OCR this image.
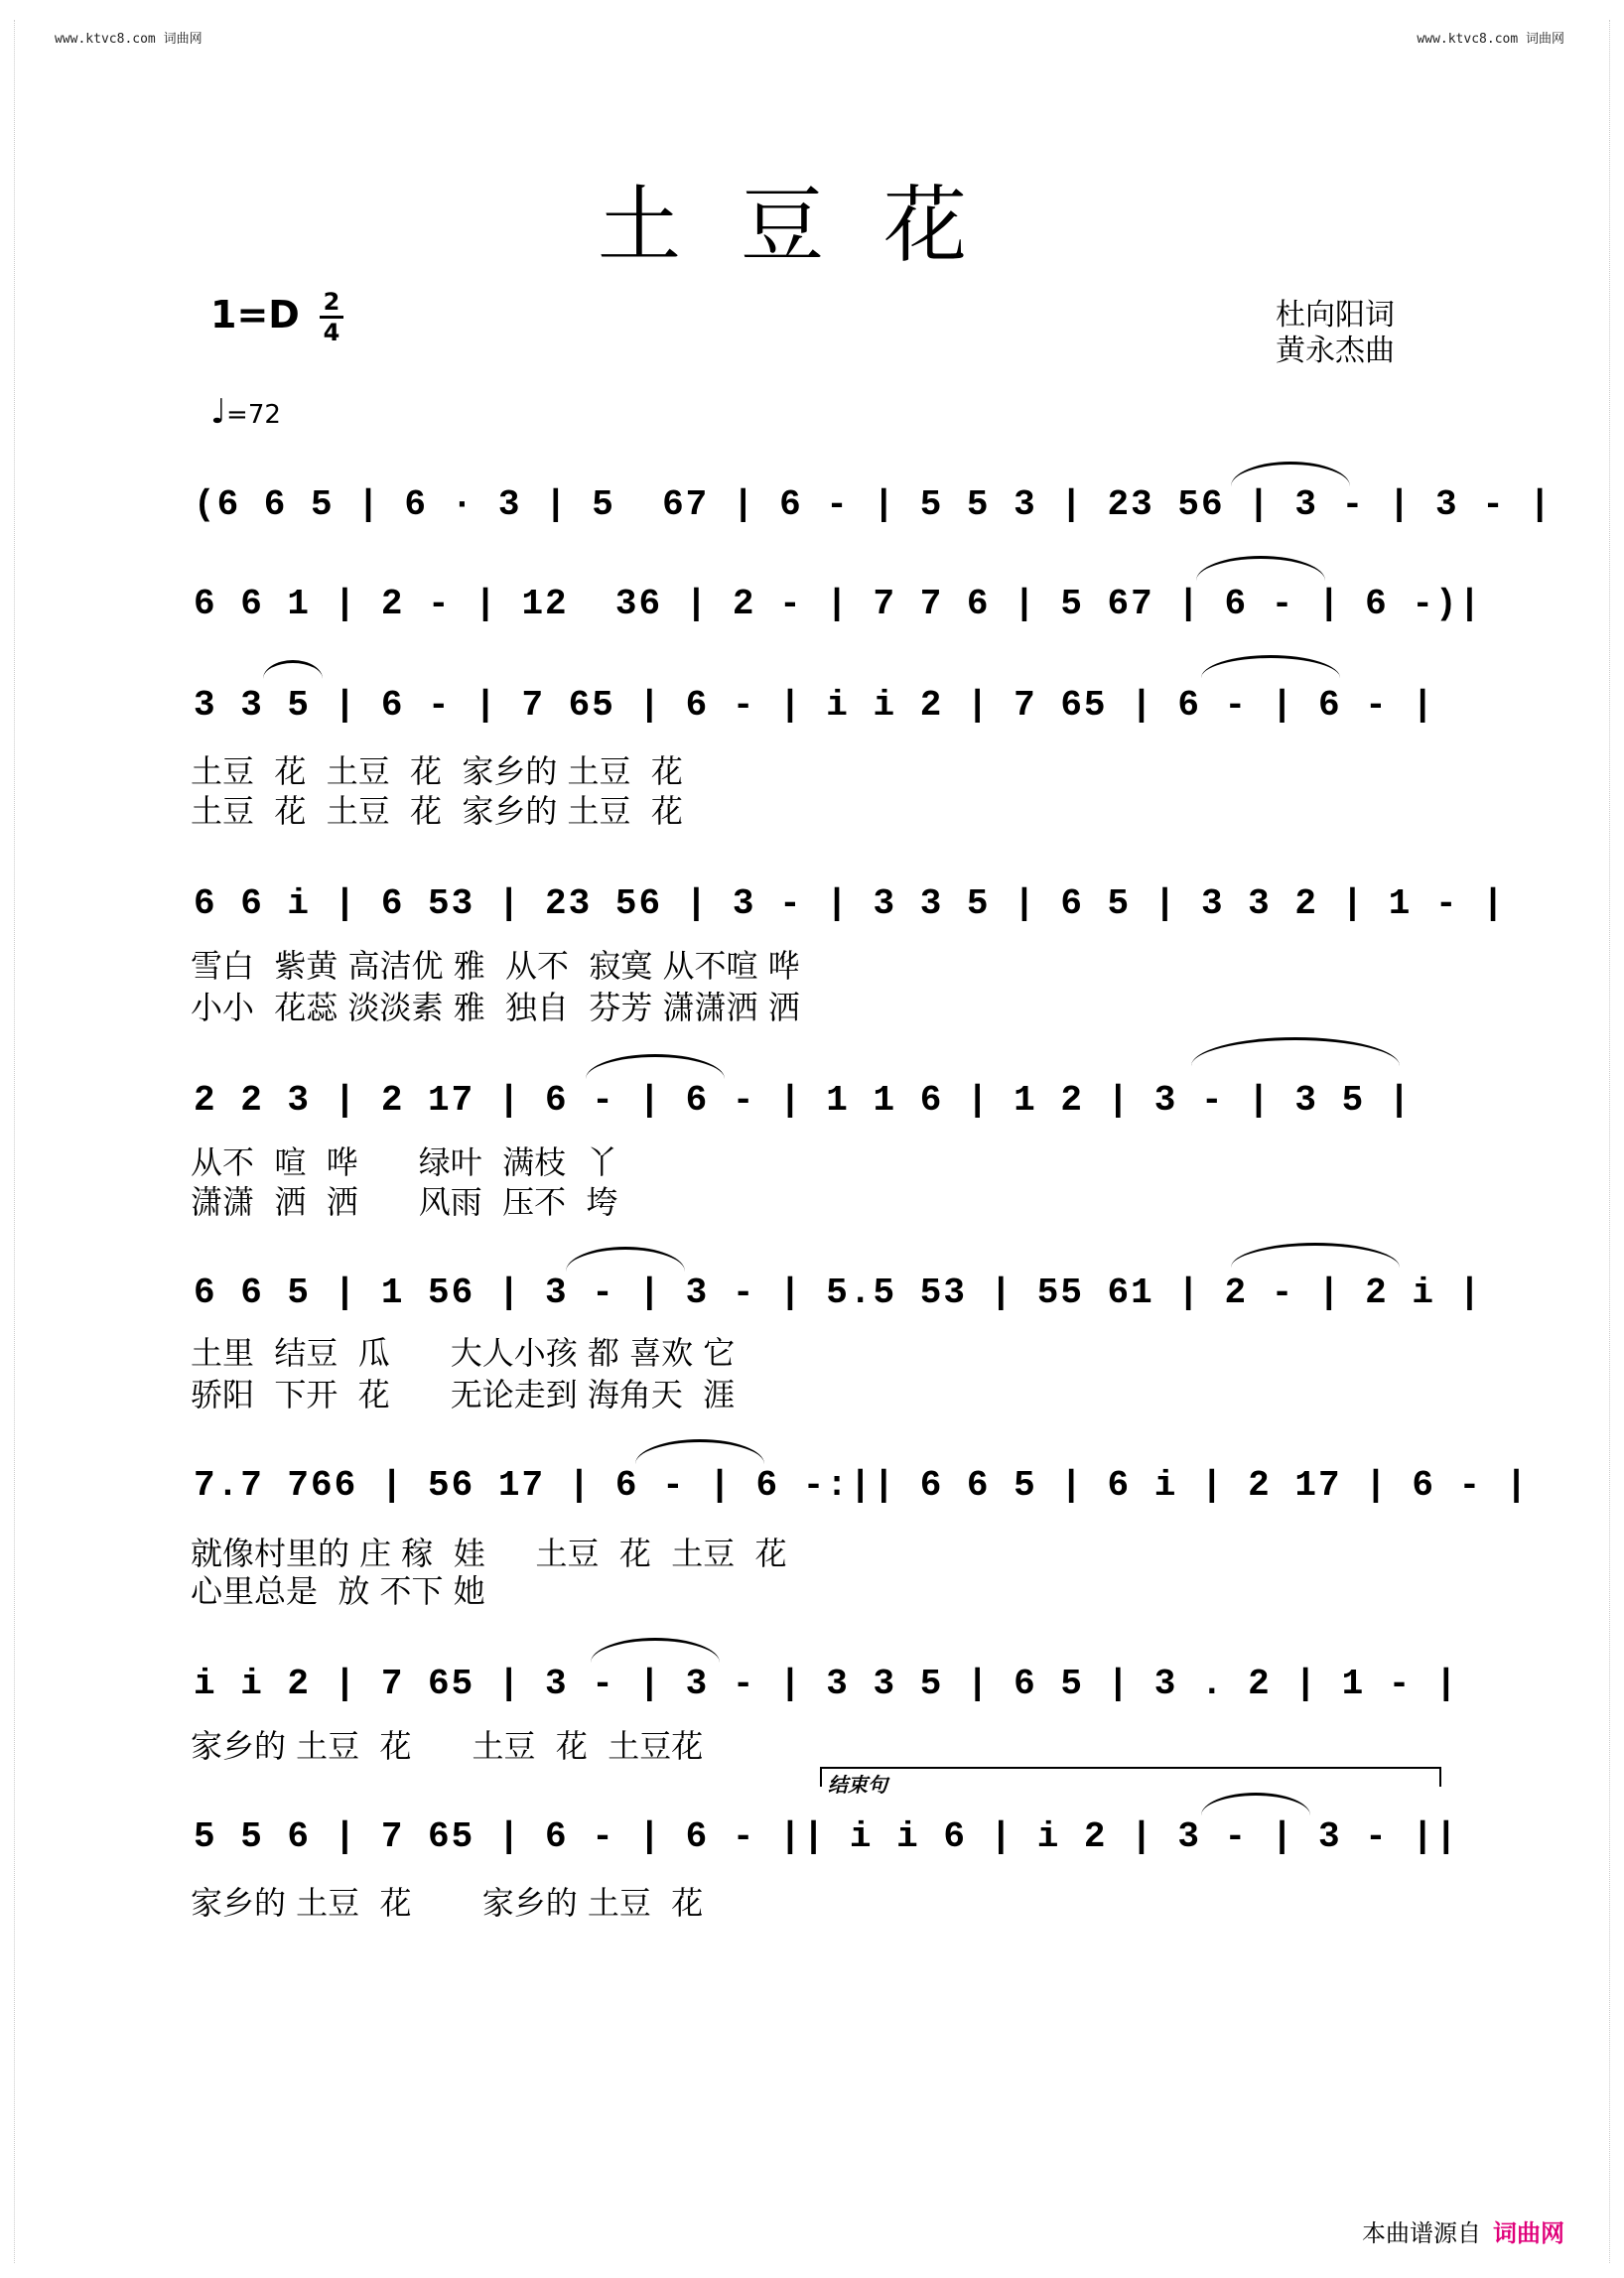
www.ktvc8.com 词曲网	www.ktvc8.com 词曲网
土豆花
1=D 2
4	杜向阳词
黄永杰曲
♩=72
(6 6 5 | 6 · 3 | 5  67 | 6 - | 5 5 3 | 23 56 | 3 - | 3 - |
6 6 1 | 2 - | 12  36 | 2 - | 7 7 6 | 5 67 | 6 - | 6 -)|
3 3 5 | 6 - | 7 65 | 6 - | i i 2 | 7 65 | 6 - | 6 - |
土豆  花  土豆  花  家乡的 土豆  花
土豆  花  土豆  花  家乡的 土豆  花
6 6 i | 6 53 | 23 56 | 3 - | 3 3 5 | 6 5 | 3 3 2 | 1 - |
雪白  紫黄 高洁优 雅  从不  寂寞 从不喧 哗
小小  花蕊 淡淡素 雅  独自  芬芳 潇潇洒 洒
2 2 3 | 2 17 | 6 - | 6 - | 1 1 6 | 1 2 | 3 - | 3 5 |
从不  喧  哗      绿叶  满枝  丫
潇潇  洒  洒      风雨  压不  垮
6 6 5 | 1 56 | 3 - | 3 - | 5.5 53 | 55 61 | 2 - | 2 i |
土里  结豆  瓜      大人小孩 都 喜欢 它
骄阳  下开  花      无论走到 海角天  涯
7.7 766 | 56 17 | 6 - | 6 -:|| 6 6 5 | 6 i | 2 17 | 6 - |
就像村里的 庄 稼  娃     土豆  花  土豆  花
心里总是  放 不下 她
i i 2 | 7 65 | 3 - | 3 - | 3 3 5 | 6 5 | 3 . 2 | 1 - |
家乡的 土豆  花      土豆  花  土豆花
结束句
5 5 6 | 7 65 | 6 - | 6 - || i i 6 | i 2 | 3 - | 3 - ||
家乡的 土豆  花       家乡的 土豆  花
本曲谱源自 词曲网
